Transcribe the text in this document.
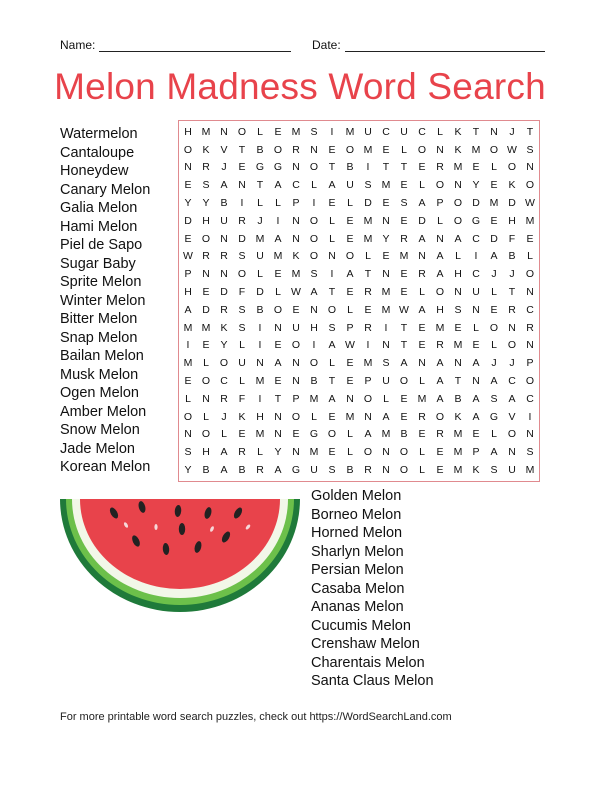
Name:	Date:
Melon Madness Word Search
Watermelon
Cantaloupe
Honeydew
Canary Melon
Galia Melon
Hami Melon
Piel de Sapo
Sugar Baby
Sprite Melon
Winter Melon
Bitter Melon
Snap Melon
Bailan Melon
Musk Melon
Ogen Melon
Amber Melon
Snow Melon
Jade Melon
Korean Melon
H M N O	L	E M S	I	M U C U C	L	K	T	N	J	T
O K	V	T	B O R N	E O M E	L	O N	K M O W S
N R	J	E G G N O	T	B	I	T	T	E	R M E	L	O N
E	S	A	N	T	A	C	L	A	U	S M E	L	O N	Y	E	K O
Y	Y	B	I	L	L	P	I	E	L	D	E	S	A	P O D M D W
D H U R	J	I	N O	L	E M N	E	D	L	O G E	H M
E O N D M A	N O	L	E M Y	R	A	N	A	C D	F	E
W R R	S	U M K O N O	L	E M N	A	L	I	A	B	L
P	N N O	L	E M S	I	A	T	N	E	R	A	H C	J	J	O
H	E	D	F	D	L W A	T	E	R M E	L	O N U	L	T	N
A	D R	S	B O E	N O	L	E M W A	H	S	N	E	R C
M M K	S	I	N U H	S	P	R	I	T	E M E	L	O N R
I	E	Y	L	I	E O	I	A W	I	N	T	E	R M E	L	O N
M	L	O U N	A	N O	L	E M S	A	N	A	N	A	J	J	P
E O C	L	M E	N	B	T	E	P	U O	L	A	T	N	A	C O
L	N R	F	I	T	P M A	N O	L	E M A	B	A	S	A	C
O	L	J	K	H N O	L	E M N	A	E	R O K	A G V	I
N O	L	E M N	E G O	L	A M B	E	R M E	L	O N
S	H	A	R	L	Y	N M E	L	O N O	L	E M P	A	N	S
Y	B	A	B	R	A G U	S	B	R N O	L	E M K	S	U M
Golden Melon
Borneo Melon
Horned Melon
Sharlyn Melon
Persian Melon
Casaba Melon
Ananas Melon
Cucumis Melon
Crenshaw Melon
Charentais Melon
Santa Claus Melon
For more printable word search puzzles, check out https://WordSearchLand.com
